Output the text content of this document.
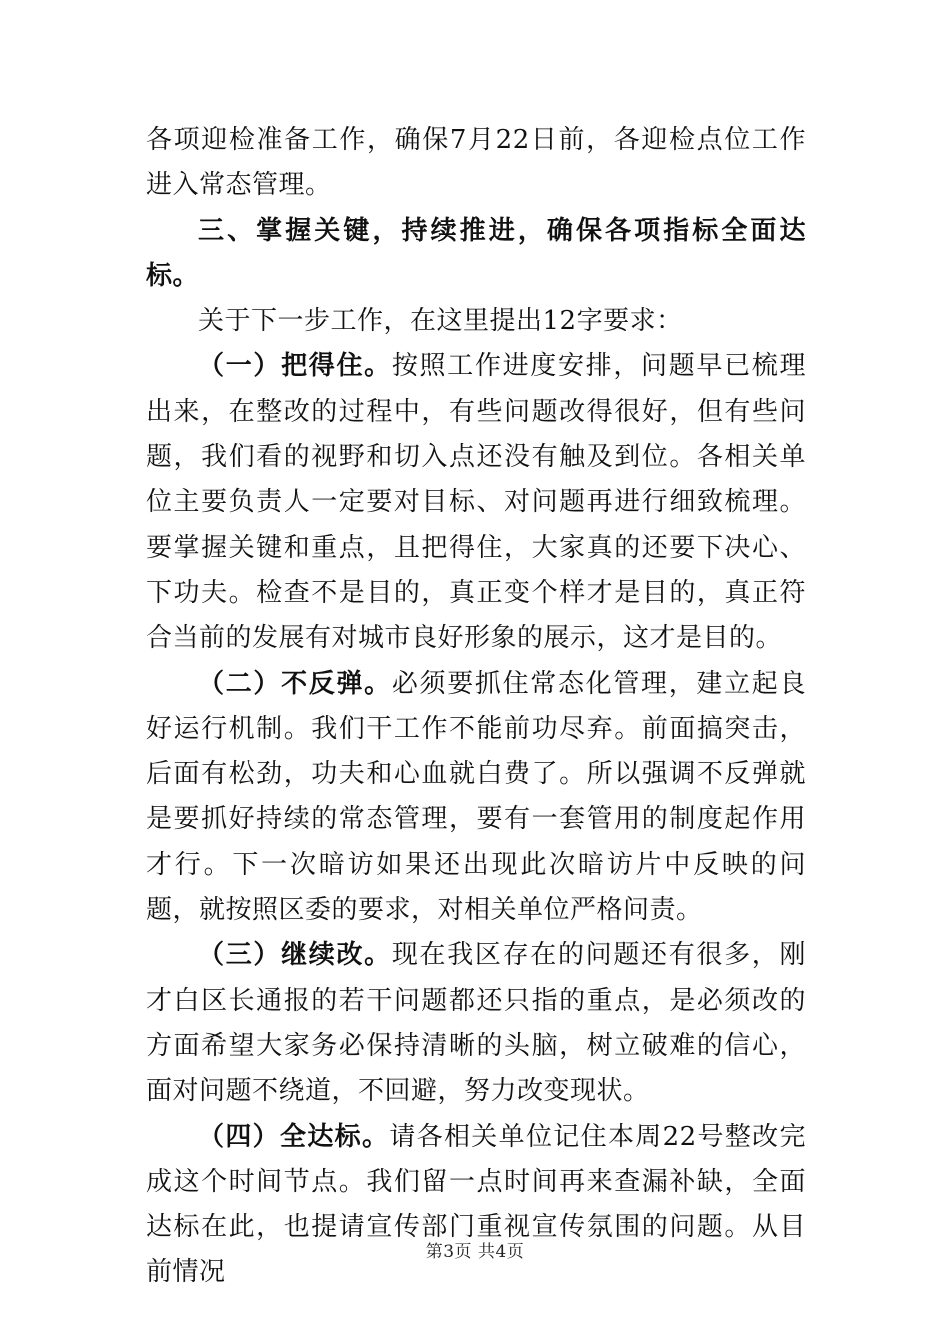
各项迎检准备工作，确保7月22日前，各迎检点位工作进入常态管理。

三、掌握关键，持续推进，确保各项指标全面达标。

关于下一步工作，在这里提出12字要求：

（一）把得住。按照工作进度安排，问题早已梳理出来，在整改的过程中，有些问题改得很好，但有些问题，我们看的视野和切入点还没有触及到位。各相关单位主要负责人一定要对目标、对问题再进行细致梳理。要掌握关键和重点，且把得住，大家真的还要下决心、下功夫。检查不是目的，真正变个样才是目的，真正符合当前的发展有对城市良好形象的展示，这才是目的。

（二）不反弹。必须要抓住常态化管理，建立起良好运行机制。我们干工作不能前功尽弃。前面搞突击，后面有松劲，功夫和心血就白费了。所以强调不反弹就是要抓好持续的常态管理，要有一套管用的制度起作用才行。下一次暗访如果还出现此次暗访片中反映的问题，就按照区委的要求，对相关单位严格问责。

（三）继续改。现在我区存在的问题还有很多，刚才白区长通报的若干问题都还只指的重点，是必须改的方面希望大家务必保持清晰的头脑，树立破难的信心，面对问题不绕道，不回避，努力改变现状。

（四）全达标。请各相关单位记住本周22号整改完成这个时间节点。我们留一点时间再来查漏补缺，全面达标在此，也提请宣传部门重视宣传氛围的问题。从目前情况

第3页 共4页
